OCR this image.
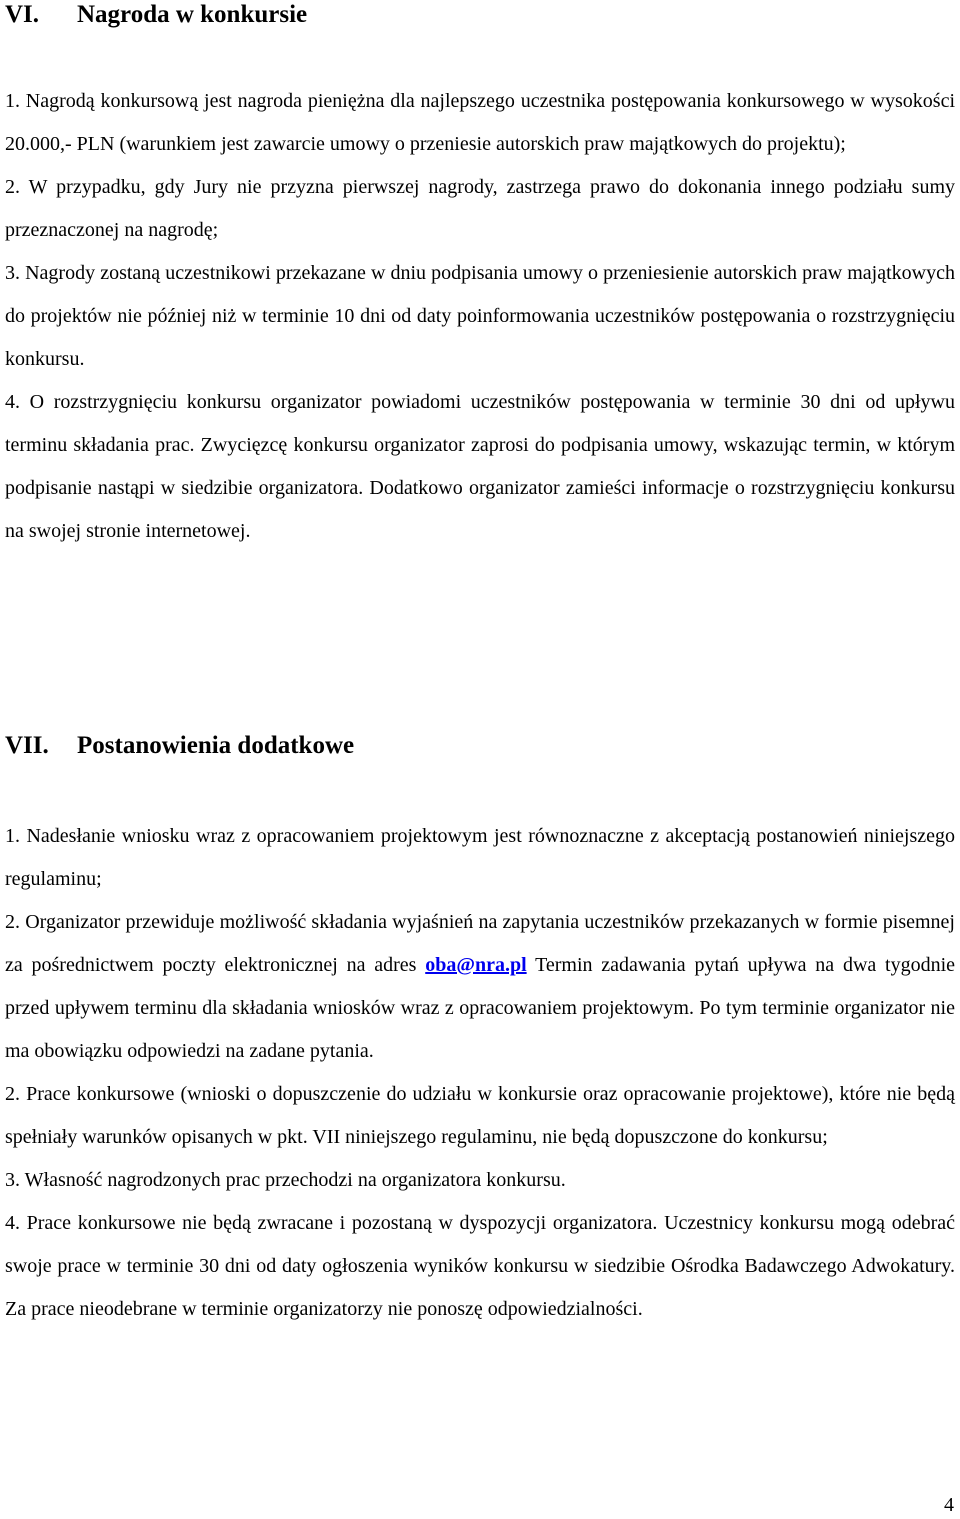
VI. Nagroda w konkursie

1. Nagrodą konkursową jest nagroda pieniężna dla najlepszego uczestnika postępowania konkursowego w wysokości 20.000,- PLN (warunkiem jest zawarcie umowy o przeniesie autorskich praw majątkowych do projektu);

2. W przypadku, gdy Jury nie przyzna pierwszej nagrody, zastrzega prawo do dokonania innego podziału sumy przeznaczonej na nagrodę;

3. Nagrody zostaną uczestnikowi przekazane w dniu podpisania umowy o przeniesienie autorskich praw majątkowych do projektów nie później niż w terminie 10 dni od daty poinformowania uczestników postępowania o rozstrzygnięciu konkursu.

4. O rozstrzygnięciu konkursu organizator powiadomi uczestników postępowania w terminie 30 dni od upływu terminu składania prac. Zwycięzcę konkursu organizator zaprosi do podpisania umowy, wskazując termin, w którym podpisanie nastąpi w siedzibie organizatora. Dodatkowo organizator zamieści informacje o rozstrzygnięciu konkursu na swojej stronie internetowej.

VII. Postanowienia dodatkowe

1. Nadesłanie wniosku wraz z opracowaniem projektowym jest równoznaczne z akceptacją postanowień niniejszego regulaminu;

2. Organizator przewiduje możliwość składania wyjaśnień na zapytania uczestników przekazanych w formie pisemnej za pośrednictwem poczty elektronicznej na adres oba@nra.pl Termin zadawania pytań upływa na dwa tygodnie przed upływem terminu dla składania wniosków wraz z opracowaniem projektowym. Po tym terminie organizator nie ma obowiązku odpowiedzi na zadane pytania.

2. Prace konkursowe (wnioski o dopuszczenie do udziału w konkursie oraz opracowanie projektowe), które nie będą spełniały warunków opisanych w pkt. VII niniejszego regulaminu, nie będą dopuszczone do konkursu;

3. Własność nagrodzonych prac przechodzi na organizatora konkursu.

4. Prace konkursowe nie będą zwracane i pozostaną w dyspozycji organizatora. Uczestnicy konkursu mogą odebrać swoje prace w terminie 30 dni od daty ogłoszenia wyników konkursu w siedzibie Ośrodka Badawczego Adwokatury. Za prace nieodebrane w terminie organizatorzy nie ponoszę odpowiedzialności.

4
